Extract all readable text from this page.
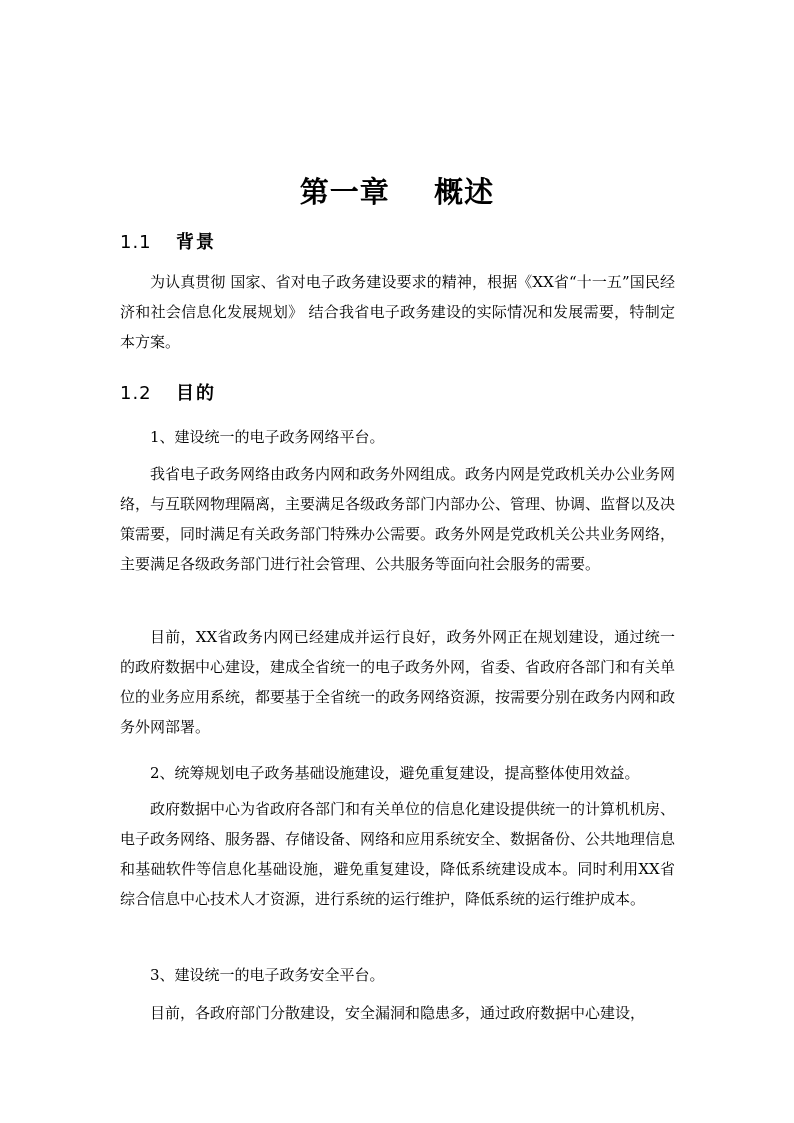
第一章    概述
1.1 背景

为认真贯彻 国家、省对电子政务建设要求的精神，根据《XX省“十一五”国民经济和社会信息化发展规划》 结合我省电子政务建设的实际情况和发展需要，特制定本方案。

1.2 目的

1、建设统一的电子政务网络平台。

我省电子政务网络由政务内网和政务外网组成。政务内网是党政机关办公业务网络，与互联网物理隔离，主要满足各级政务部门内部办公、管理、协调、监督以及决策需要，同时满足有关政务部门特殊办公需要。政务外网是党政机关公共业务网络，主要满足各级政务部门进行社会管理、公共服务等面向社会服务的需要。

目前，XX省政务内网已经建成并运行良好，政务外网正在规划建设，通过统一的政府数据中心建设，建成全省统一的电子政务外网，省委、省政府各部门和有关单位的业务应用系统，都要基于全省统一的政务网络资源，按需要分别在政务内网和政务外网部署。

2、统筹规划电子政务基础设施建设，避免重复建设，提高整体使用效益。

政府数据中心为省政府各部门和有关单位的信息化建设提供统一的计算机机房、电子政务网络、服务器、存储设备、网络和应用系统安全、数据备份、公共地理信息和基础软件等信息化基础设施，避免重复建设，降低系统建设成本。同时利用XX省综合信息中心技术人才资源，进行系统的运行维护，降低系统的运行维护成本。

3、建设统一的电子政务安全平台。

目前，各政府部门分散建设，安全漏洞和隐患多，通过政府数据中心建设，
